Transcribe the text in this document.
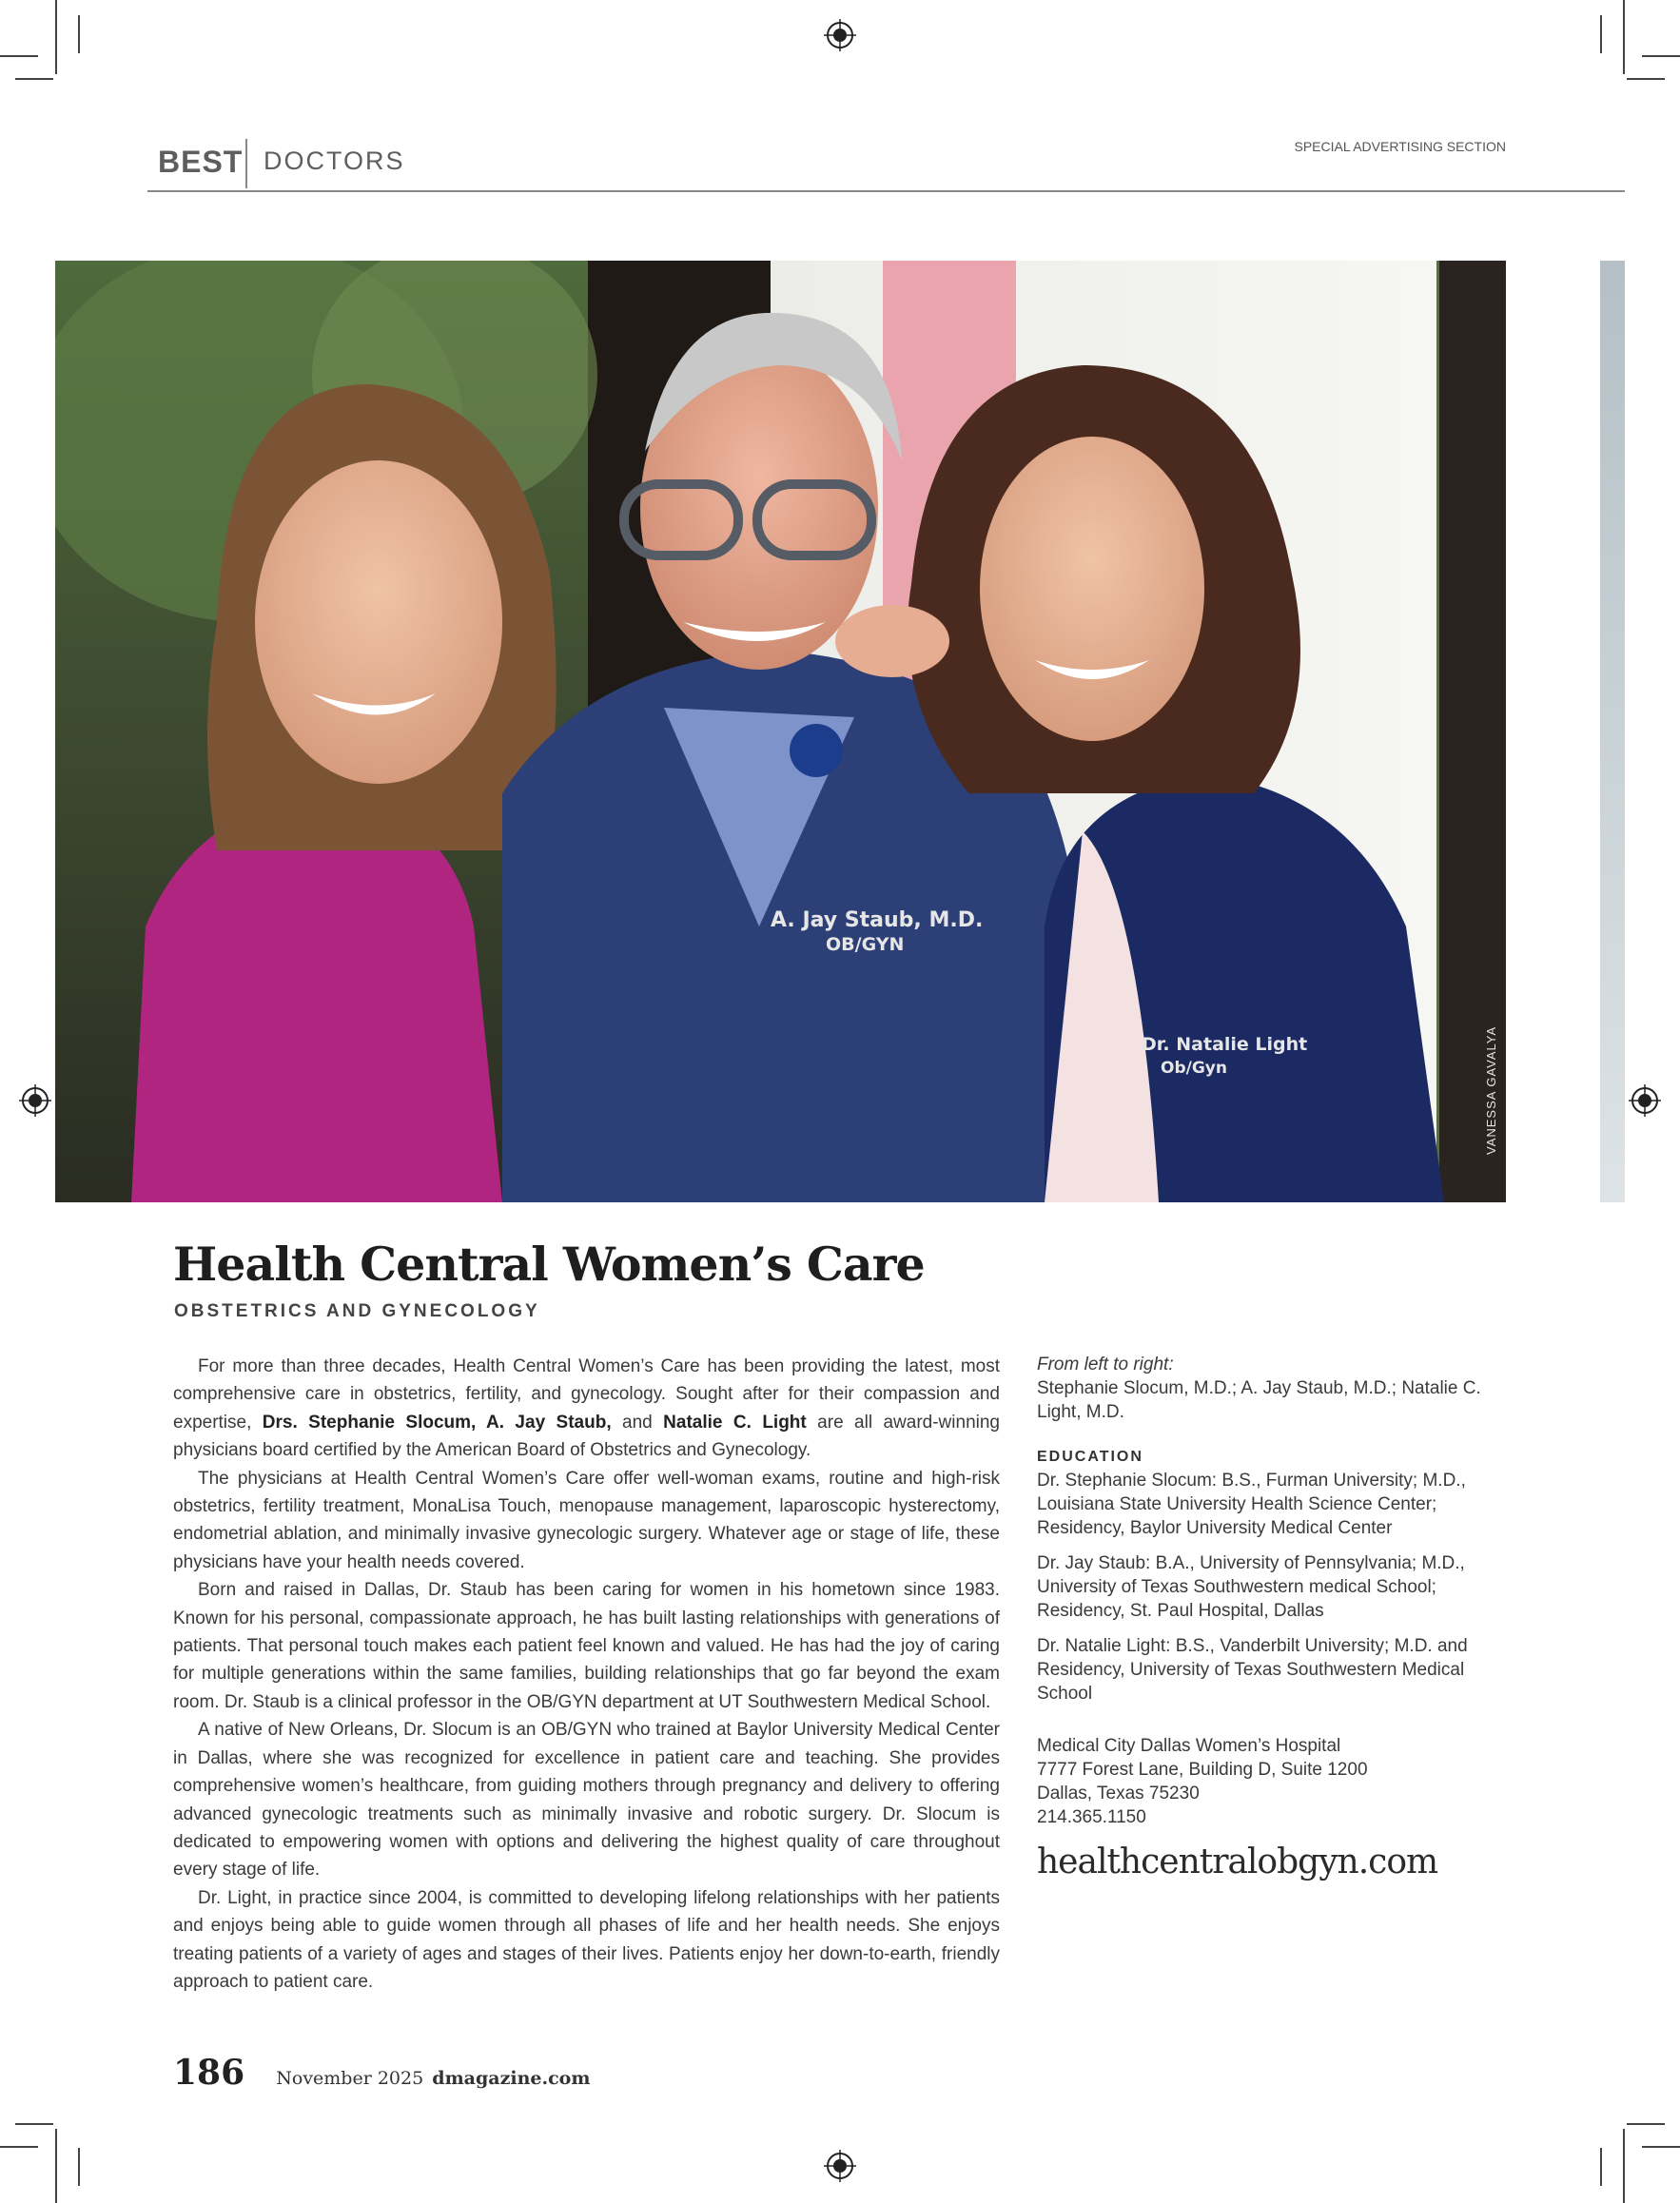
BEST DOCTORS	SPECIAL ADVERTISING SECTION
A. Jay Staub, M.D.
OB/GYN
Dr. Natalie Light
Ob/Gyn	VANESSA GAVALYA
Health Central Women’s Care
OBSTETRICS AND GYNECOLOGY

For more than three decades, Health Central Women’s Care has been providing the latest, most comprehensive care in obstetrics, fertility, and gynecology. Sought after for their compassion and expertise, Drs. Stephanie Slocum, A. Jay Staub, and Natalie C. Light are all award-winning physicians board certified by the American Board of Obstetrics and Gynecology.

The physicians at Health Central Women’s Care offer well-woman exams, routine and high-risk obstetrics, fertility treatment, MonaLisa Touch, menopause management, laparoscopic hysterectomy, endometrial ablation, and minimally invasive gynecologic surgery. Whatever age or stage of life, these physicians have your health needs covered.

Born and raised in Dallas, Dr. Staub has been caring for women in his hometown since 1983. Known for his personal, compassionate approach, he has built lasting relationships with generations of patients. That personal touch makes each patient feel known and valued. He has had the joy of caring for multiple generations within the same families, building relationships that go far beyond the exam room. Dr. Staub is a clinical professor in the OB/GYN department at UT Southwestern Medical School.

A native of New Orleans, Dr. Slocum is an OB/GYN who trained at Baylor University Medical Center in Dallas, where she was recognized for excellence in patient care and teaching. She provides comprehensive women’s healthcare, from guiding mothers through pregnancy and delivery to offering advanced gynecologic treatments such as minimally invasive and robotic surgery. Dr. Slocum is dedicated to empowering women with options and delivering the highest quality of care throughout every stage of life.

Dr. Light, in practice since 2004, is committed to developing lifelong relationships with her patients and enjoys being able to guide women through all phases of life and her health needs. She enjoys treating patients of a variety of ages and stages of their lives. Patients enjoy her down-to-earth, friendly approach to patient care.

From left to right:
Stephanie Slocum, M.D.; A. Jay Staub, M.D.; Natalie C. Light, M.D.
EDUCATION
Dr. Stephanie Slocum: B.S., Furman University; M.D., Louisiana State University Health Science Center; Residency, Baylor University Medical Center
Dr. Jay Staub: B.A., University of Pennsylvania; M.D., University of Texas Southwestern medical School; Residency, St. Paul Hospital, Dallas
Dr. Natalie Light: B.S., Vanderbilt University; M.D. and Residency, University of Texas Southwestern Medical School
Medical City Dallas Women’s Hospital
7777 Forest Lane, Building D, Suite 1200
Dallas, Texas 75230
214.365.1150
healthcentralobgyn.com
186 November 2025 dmagazine.com
